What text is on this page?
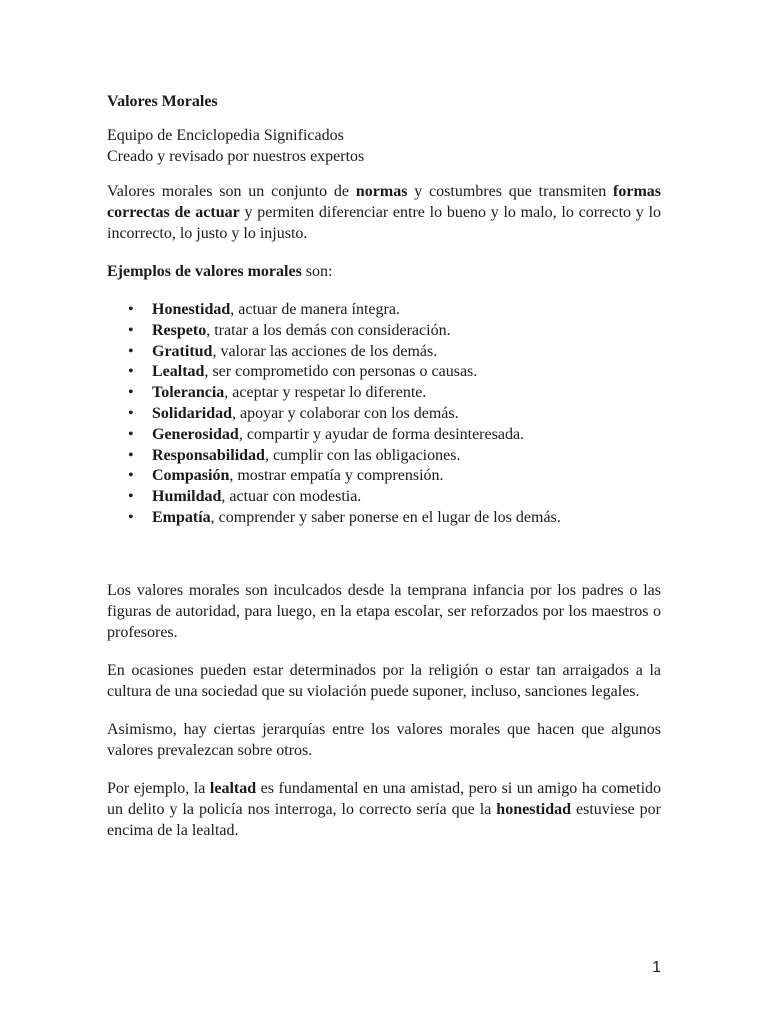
Valores Morales
Equipo de Enciclopedia Significados
Creado y revisado por nuestros expertos

Valores morales son un conjunto de normas y costumbres que transmiten formas correctas de actuar y permiten diferenciar entre lo bueno y lo malo, lo correcto y lo incorrecto, lo justo y lo injusto.

Ejemplos de valores morales son:

• Honestidad, actuar de manera íntegra.
• Respeto, tratar a los demás con consideración.
• Gratitud, valorar las acciones de los demás.
• Lealtad, ser comprometido con personas o causas.
• Tolerancia, aceptar y respetar lo diferente.
• Solidaridad, apoyar y colaborar con los demás.
• Generosidad, compartir y ayudar de forma desinteresada.
• Responsabilidad, cumplir con las obligaciones.
• Compasión, mostrar empatía y comprensión.
• Humildad, actuar con modestia.
• Empatía, comprender y saber ponerse en el lugar de los demás.

Los valores morales son inculcados desde la temprana infancia por los padres o las figuras de autoridad, para luego, en la etapa escolar, ser reforzados por los maestros o profesores.

En ocasiones pueden estar determinados por la religión o estar tan arraigados a la cultura de una sociedad que su violación puede suponer, incluso, sanciones legales.

Asimismo, hay ciertas jerarquías entre los valores morales que hacen que algunos valores prevalezcan sobre otros.

Por ejemplo, la lealtad es fundamental en una amistad, pero si un amigo ha cometido un delito y la policía nos interroga, lo correcto sería que la honestidad estuviese por encima de la lealtad.

1
